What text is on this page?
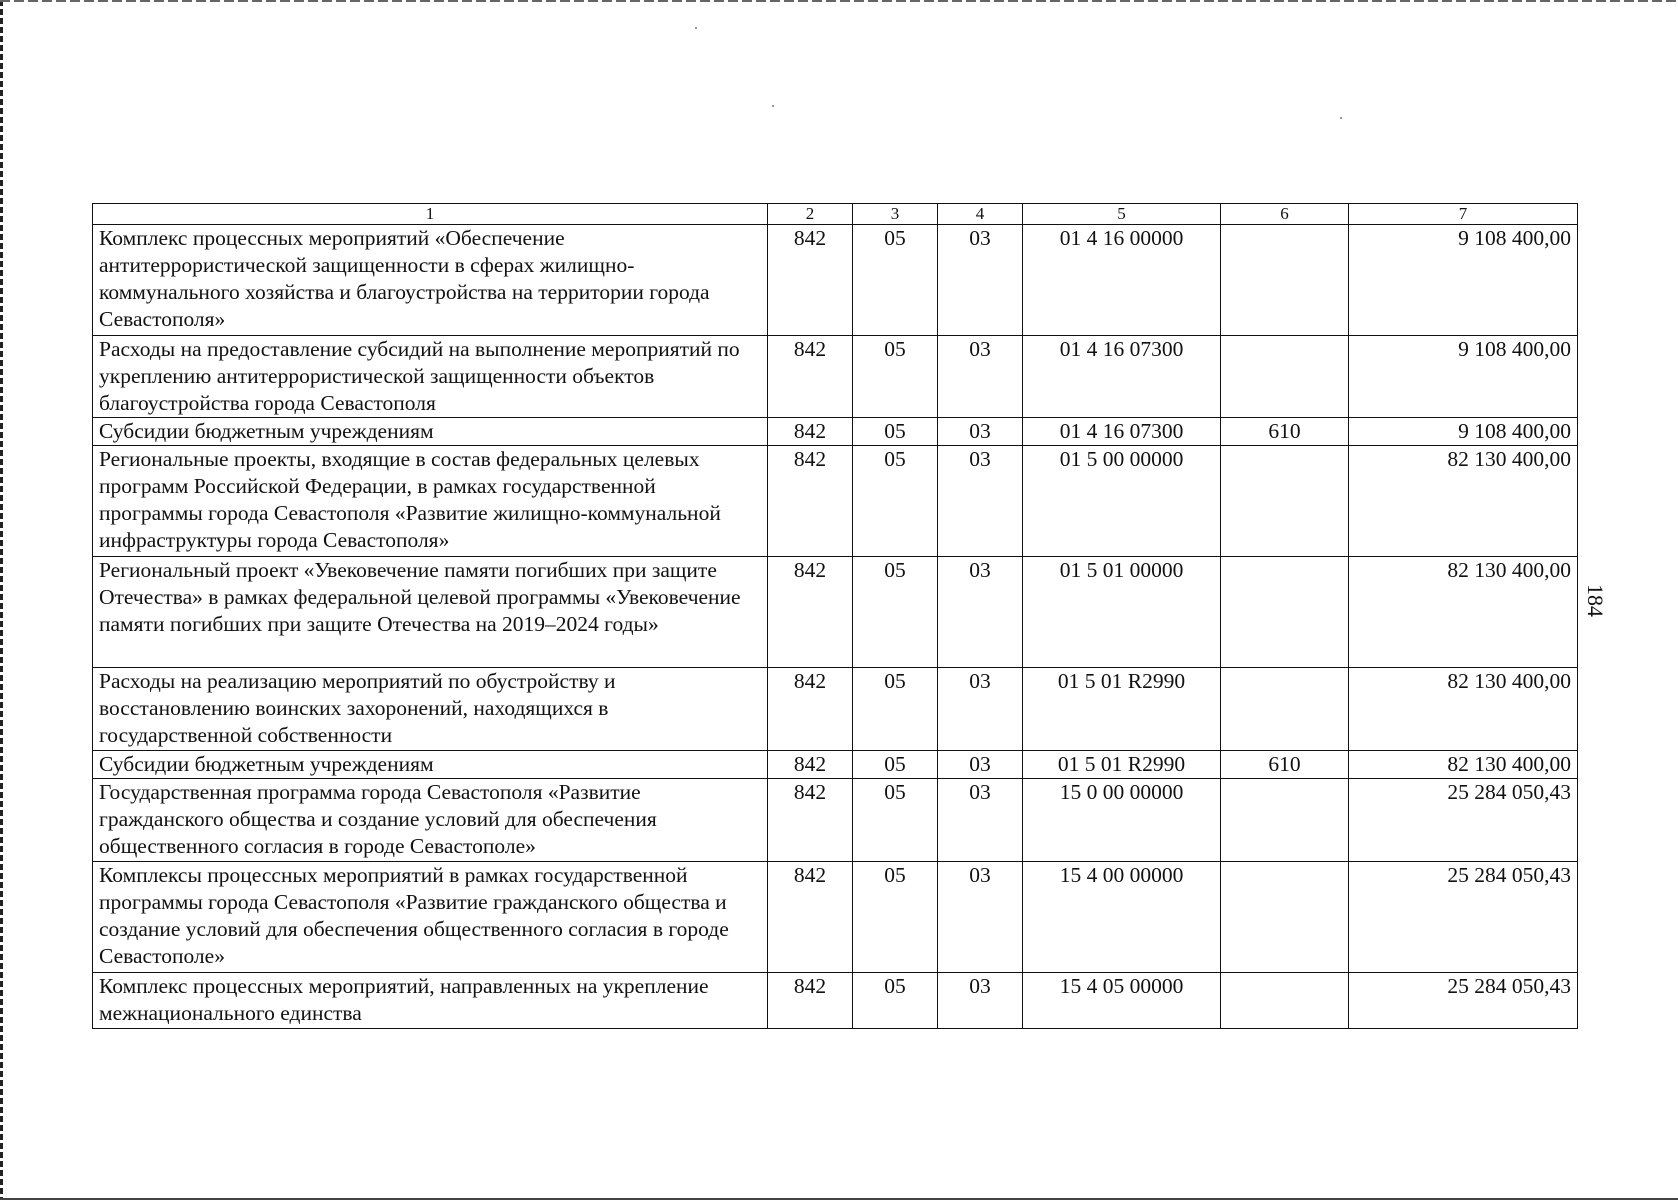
184
1	2	3	4	5	6	7
Комплекс процессных мероприятий «Обеспечение антитеррористической защищенности в сферах жилищно-коммунального хозяйства и благоустройства на территории города Севастополя»	842	05	03	01 4 16 00000		9 108 400,00
Расходы на предоставление субсидий на выполнение мероприятий по укреплению антитеррористической защищенности объектов благоустройства города Севастополя	842	05	03	01 4 16 07300		9 108 400,00
Субсидии бюджетным учреждениям	842	05	03	01 4 16 07300	610	9 108 400,00
Региональные проекты, входящие в состав федеральных целевых программ Российской Федерации, в рамках государственной программы города Севастополя «Развитие жилищно-коммунальной инфраструктуры города Севастополя»	842	05	03	01 5 00 00000		82 130 400,00
Региональный проект «Увековечение памяти погибших при защите Отечества» в рамках федеральной целевой программы «Увековечение памяти погибших при защите Отечества на 2019–2024 годы»	842	05	03	01 5 01 00000		82 130 400,00
Расходы на реализацию мероприятий по обустройству и восстановлению воинских захоронений, находящихся в государственной собственности	842	05	03	01 5 01 R2990		82 130 400,00
Субсидии бюджетным учреждениям	842	05	03	01 5 01 R2990	610	82 130 400,00
Государственная программа города Севастополя «Развитие гражданского общества и создание условий для обеспечения общественного согласия в городе Севастополе»	842	05	03	15 0 00 00000		25 284 050,43
Комплексы процессных мероприятий в рамках государственной программы города Севастополя «Развитие гражданского общества и создание условий для обеспечения общественного согласия в городе Севастополе»	842	05	03	15 4 00 00000		25 284 050,43
Комплекс процессных мероприятий, направленных на укрепление межнационального единства	842	05	03	15 4 05 00000		25 284 050,43
